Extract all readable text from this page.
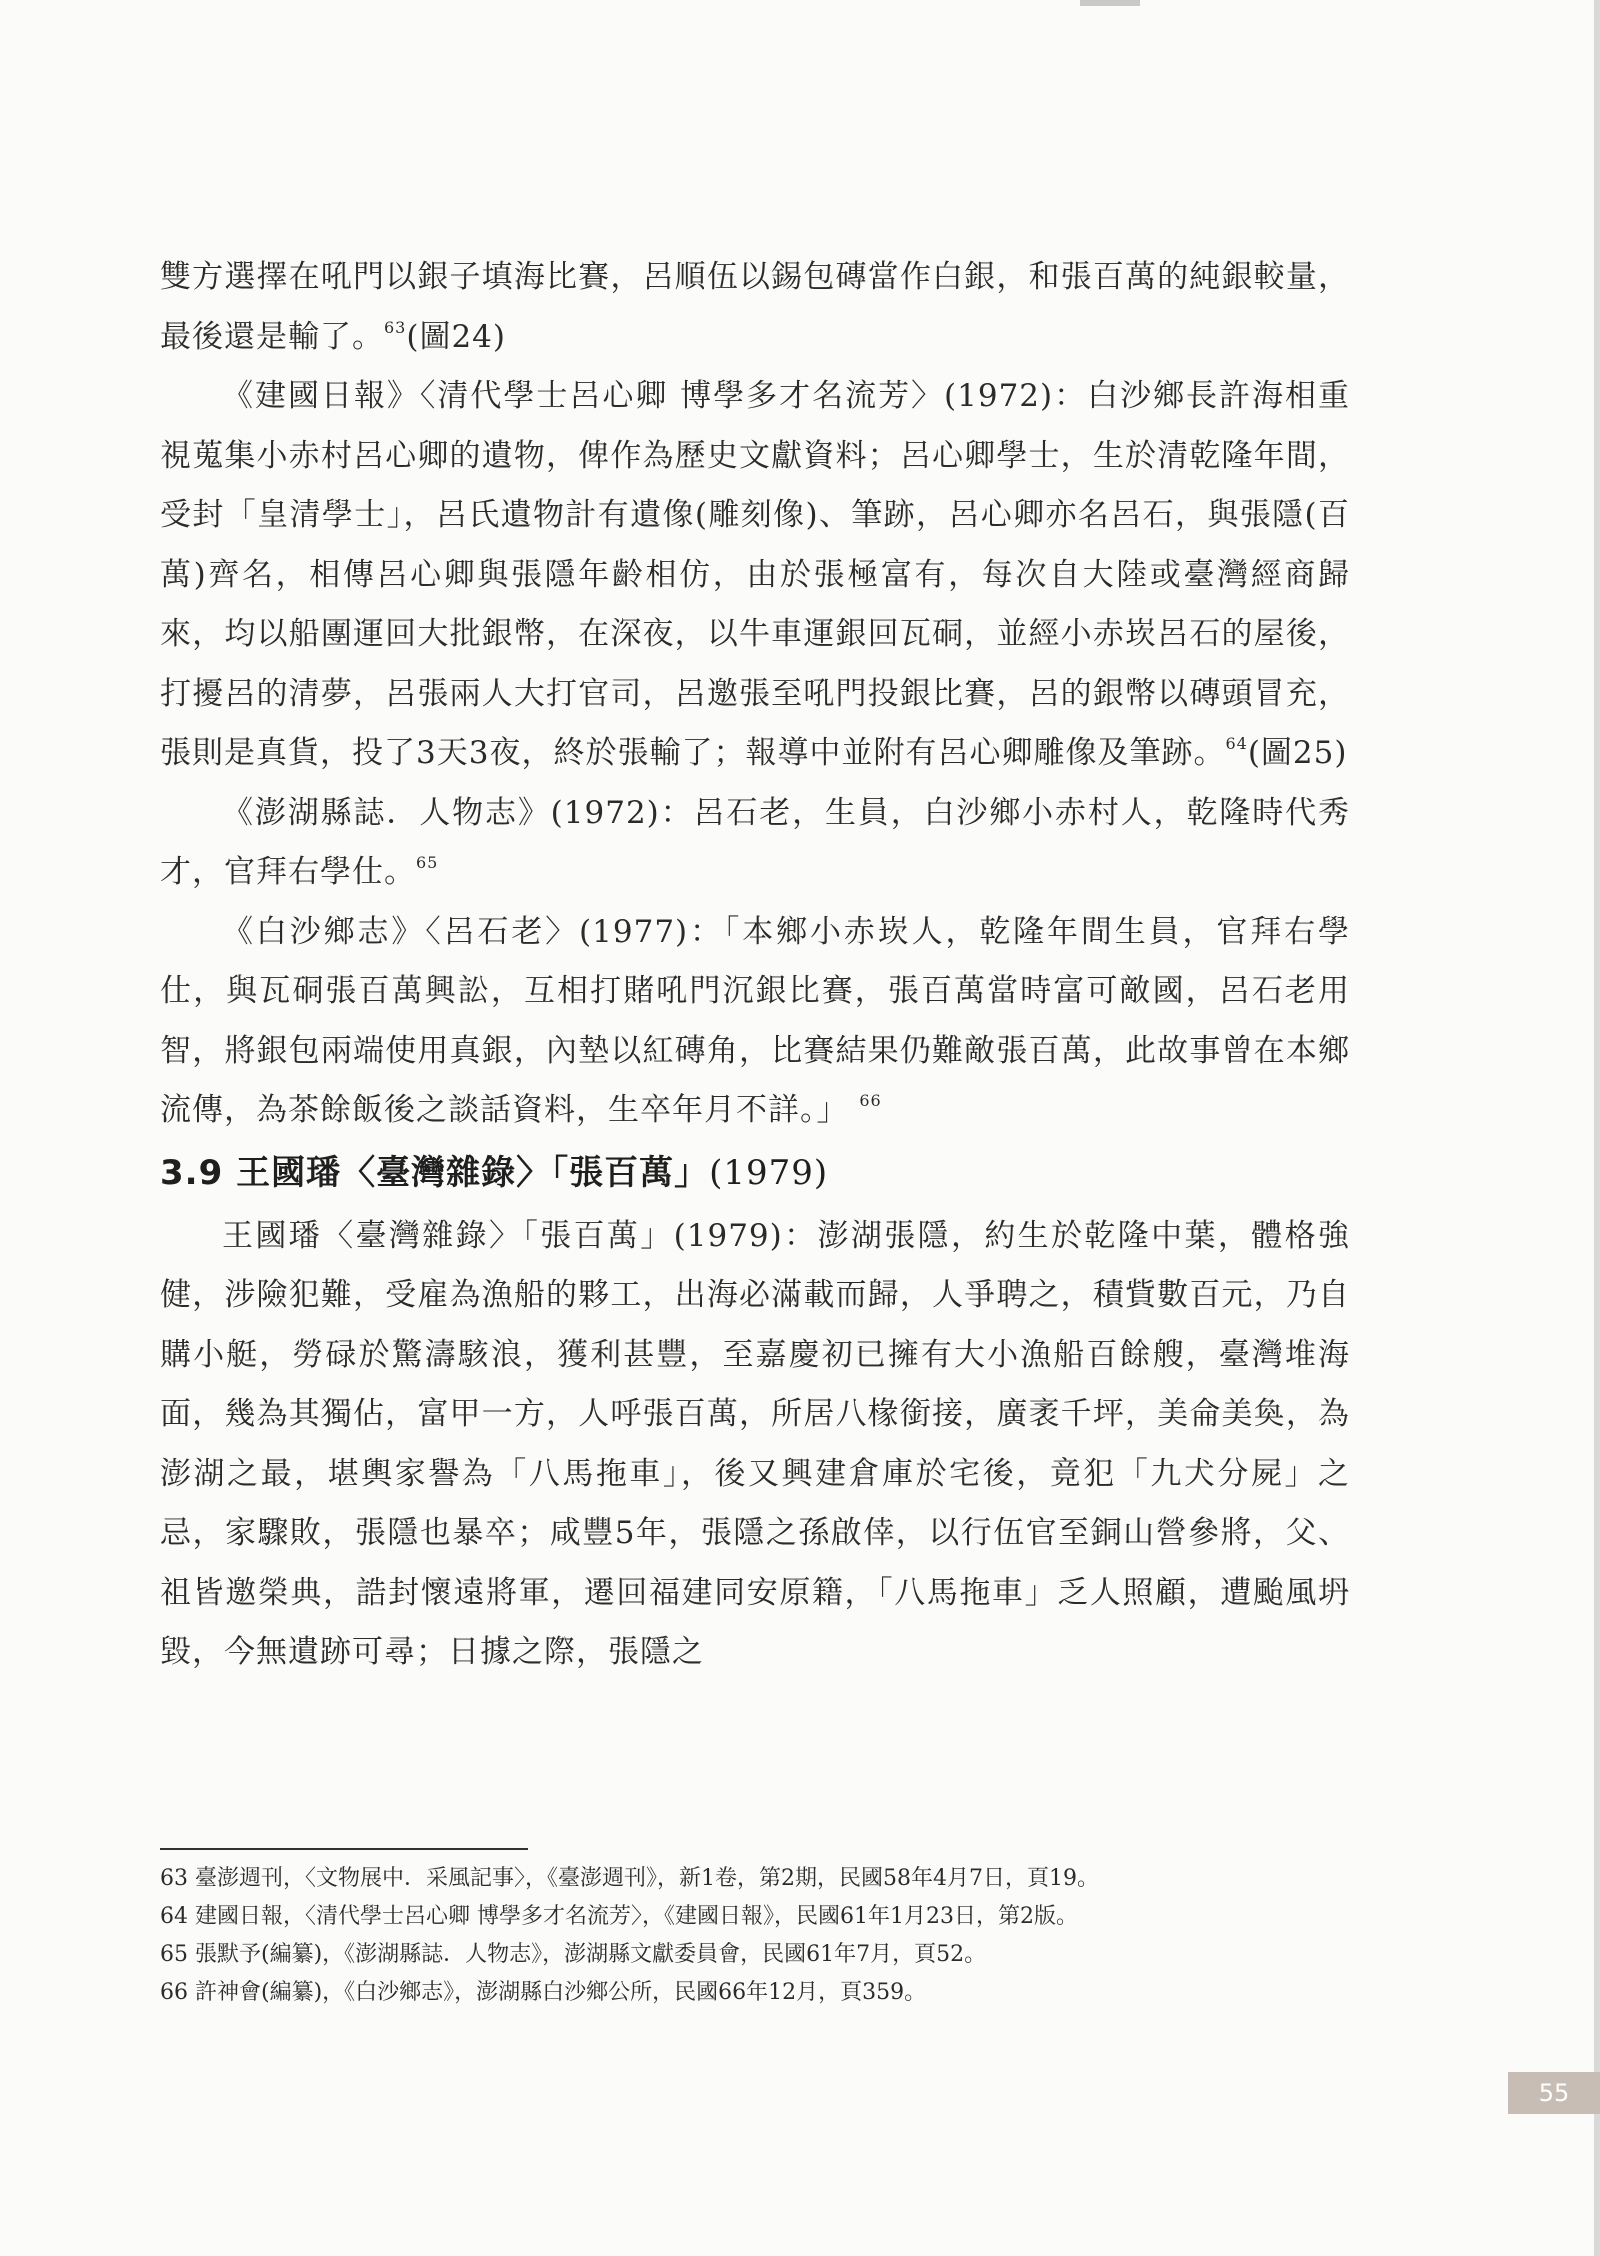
雙方選擇在吼門以銀子填海比賽，呂順伍以錫包磚當作白銀，和張百萬的純銀較量，最後還是輸了。$^{63}$(圖24)

《建國日報》〈清代學士呂心卿 博學多才名流芳〉(1972)：白沙鄉長許海相重視蒐集小赤村呂心卿的遺物，俾作為歷史文獻資料；呂心卿學士，生於清乾隆年間，受封「皇清學士」，呂氏遺物計有遺像(雕刻像)、筆跡，呂心卿亦名呂石，與張隱(百萬)齊名，相傳呂心卿與張隱年齡相仿，由於張極富有，每次自大陸或臺灣經商歸來，均以船團運回大批銀幣，在深夜，以牛車運銀回瓦硐，並經小赤崁呂石的屋後，打擾呂的清夢，呂張兩人大打官司，呂邀張至吼門投銀比賽，呂的銀幣以磚頭冒充，張則是真貨，投了3天3夜，終於張輸了；報導中並附有呂心卿雕像及筆跡。$^{64}$(圖25)

《澎湖縣誌．人物志》(1972)：呂石老，生員，白沙鄉小赤村人，乾隆時代秀才，官拜右學仕。$^{65}$

《白沙鄉志》〈呂石老〉(1977)：「本鄉小赤崁人，乾隆年間生員，官拜右學仕，與瓦硐張百萬興訟，互相打賭吼門沉銀比賽，張百萬當時富可敵國，呂石老用智，將銀包兩端使用真銀，內墊以紅磚角，比賽結果仍難敵張百萬，此故事曾在本鄉流傳，為茶餘飯後之談話資料，生卒年月不詳。」 $^{66}$

3.9 王國璠〈臺灣雜錄〉「張百萬」(1979)

王國璠〈臺灣雜錄〉「張百萬」(1979)：澎湖張隱，約生於乾隆中葉，體格強健，涉險犯難，受雇為漁船的夥工，出海必滿載而歸，人爭聘之，積貲數百元，乃自購小艇，勞碌於驚濤駭浪，獲利甚豐，至嘉慶初已擁有大小漁船百餘艘，臺灣堆海面，幾為其獨佔，富甲一方，人呼張百萬，所居八椽銜接，廣袤千坪，美侖美奐，為澎湖之最，堪輿家譽為「八馬拖車」，後又興建倉庫於宅後，竟犯「九犬分屍」之忌，家驟敗，張隱也暴卒；咸豐5年，張隱之孫啟倖，以行伍官至銅山營參將，父、祖皆邀榮典，誥封懷遠將軍，遷回福建同安原籍，「八馬拖車」乏人照顧，遭颱風坍毀，今無遺跡可尋；日據之際，張隱之

63 臺澎週刊，〈文物展中．采風記事〉，《臺澎週刊》，新1卷，第2期，民國58年4月7日，頁19。

64 建國日報，〈清代學士呂心卿 博學多才名流芳〉，《建國日報》，民國61年1月23日，第2版。

65 張默予(編纂)，《澎湖縣誌．人物志》，澎湖縣文獻委員會，民國61年7月，頁52。

66 許神會(編纂)，《白沙鄉志》，澎湖縣白沙鄉公所，民國66年12月，頁359。

55
